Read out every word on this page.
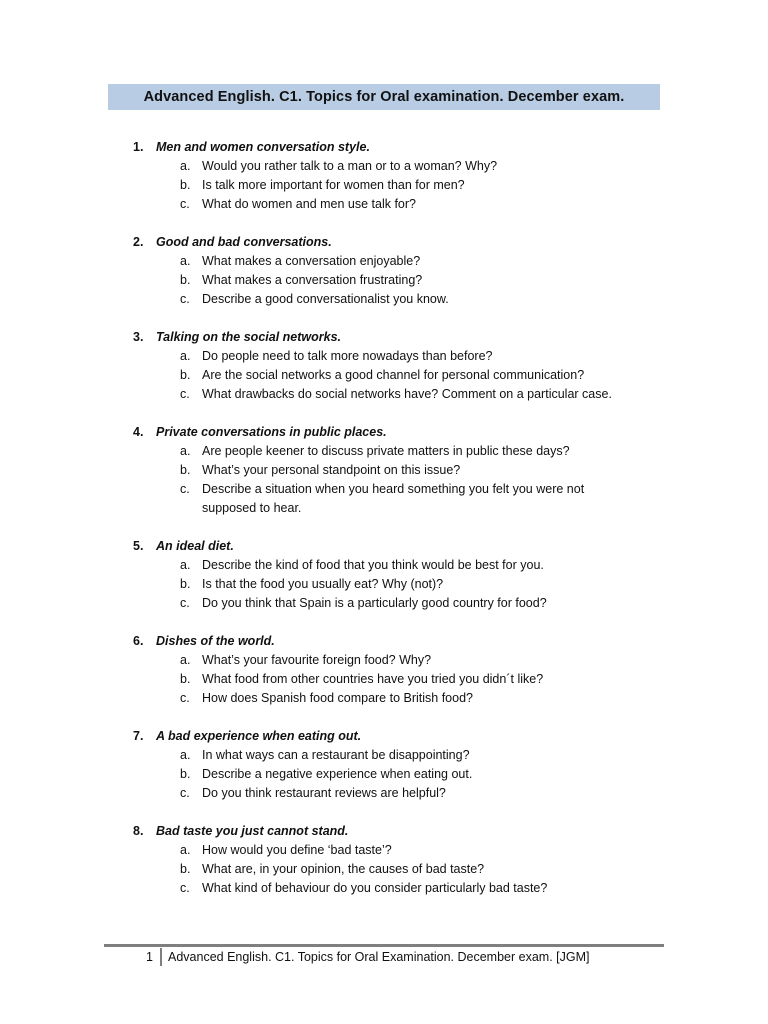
Advanced English. C1. Topics for Oral examination. December exam.
1. Men and women conversation style.
a. Would you rather talk to a man or to a woman? Why?
b. Is talk more important for women than for men?
c. What do women and men use talk for?
2. Good and bad conversations.
a. What makes a conversation enjoyable?
b. What makes a conversation frustrating?
c. Describe a good conversationalist you know.
3. Talking on the social networks.
a. Do people need to talk more nowadays than before?
b. Are the social networks a good channel for personal communication?
c. What drawbacks do social networks have? Comment on a particular case.
4. Private conversations in public places.
a. Are people keener to discuss private matters in public these days?
b. What’s your personal standpoint on this issue?
c. Describe a situation when you heard something you felt you were not supposed to hear.
5. An ideal diet.
a. Describe the kind of food that you think would be best for you.
b. Is that the food you usually eat? Why (not)?
c. Do you think that Spain is a particularly good country for food?
6. Dishes of the world.
a. What’s your favourite foreign food? Why?
b. What food from other countries have you tried you didn´t like?
c. How does Spanish food compare to British food?
7. A bad experience when eating out.
a. In what ways can a restaurant be disappointing?
b. Describe a negative experience when eating out.
c. Do you think restaurant reviews are helpful?
8. Bad taste you just cannot stand.
a. How would you define ‘bad taste’?
b. What are, in your opinion, the causes of bad taste?
c. What kind of behaviour do you consider particularly bad taste?
1 Advanced English. C1. Topics for Oral Examination. December exam. [JGM]
